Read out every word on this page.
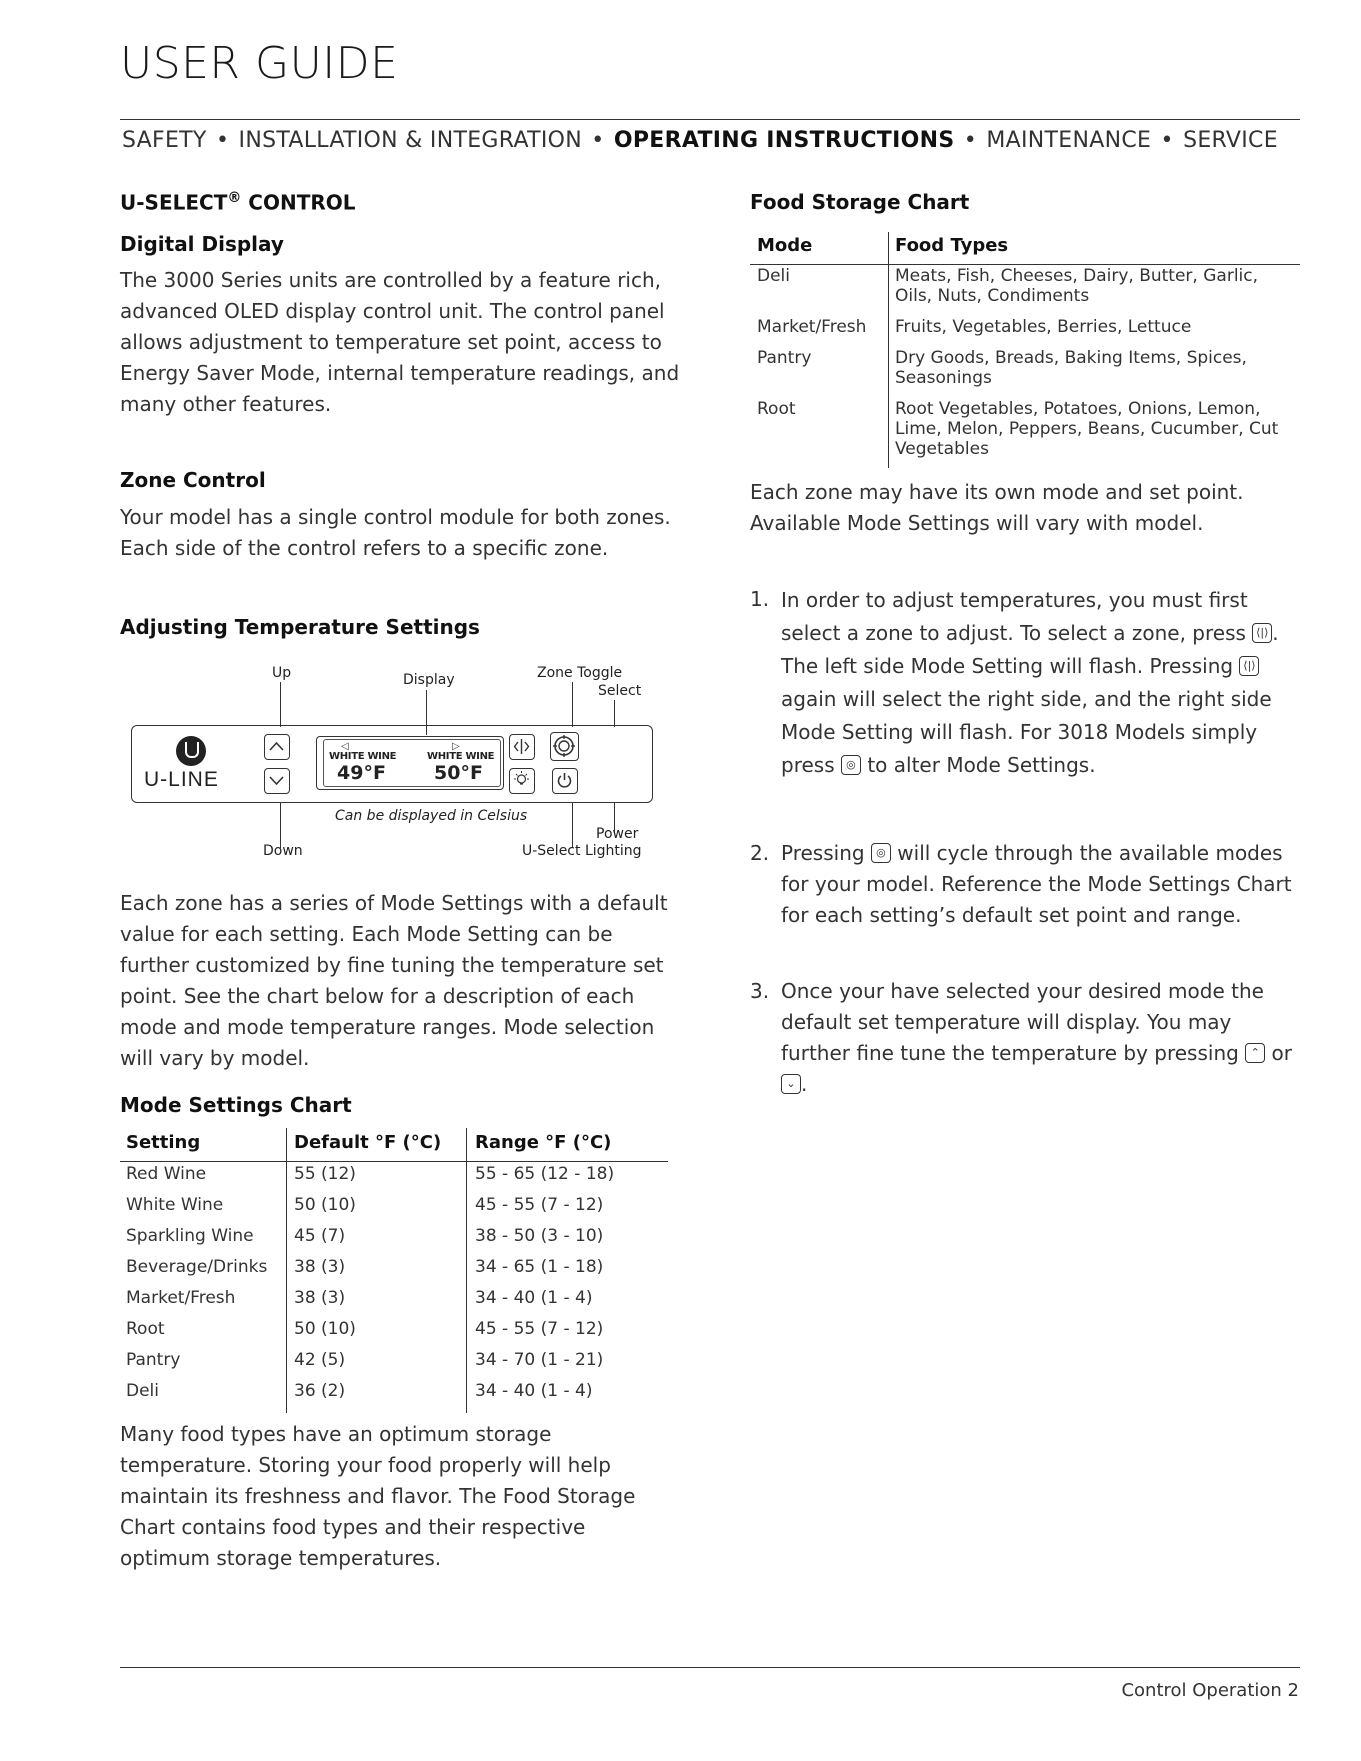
USER GUIDE
SAFETY • INSTALLATION & INTEGRATION • OPERATING INSTRUCTIONS • MAINTENANCE • SERVICE
U-SELECT® CONTROL
Digital Display
The 3000 Series units are controlled by a feature rich, advanced OLED display control unit. The control panel allows adjustment to temperature set point, access to Energy Saver Mode, internal temperature readings, and many other features.
Zone Control
Your model has a single control module for both zones. Each side of the control refers to a specific zone.
Adjusting Temperature Settings
Up	Display	Zone Toggle
Select
U-LINE
◁	▷
WHITE WINE	WHITE WINE
49°F	50°F
Can be displayed in Celsius
Down
Power
U-Select Lighting
Each zone has a series of Mode Settings with a default value for each setting. Each Mode Setting can be further customized by fine tuning the temperature set point. See the chart below for a description of each mode and mode temperature ranges. Mode selection will vary by model.
Mode Settings Chart
Setting	Default °F (°C) Range °F (°C)
Red Wine	55 (12)	55 - 65 (12 - 18)
White Wine	50 (10)	45 - 55 (7 - 12)
Sparkling Wine 45 (7)	38 - 50 (3 - 10)
Beverage/Drinks 38 (3)	34 - 65 (1 - 18)
Market/Fresh	38 (3)	34 - 40 (1 - 4)
Root	50 (10)	45 - 55 (7 - 12)
Pantry	42 (5)	34 - 70 (1 - 21)
Deli	36 (2)	34 - 40 (1 - 4)
Many food types have an optimum storage temperature. Storing your food properly will help maintain its freshness and flavor. The Food Storage Chart contains food types and their respective optimum storage temperatures.
Food Storage Chart
Mode	Food Types
Deli	Meats, Fish, Cheeses, Dairy, Butter, Garlic, Oils, Nuts, Condiments
Market/Fresh Fruits, Vegetables, Berries, Lettuce
Pantry	Dry Goods, Breads, Baking Items, Spices, Seasonings
Root	Root Vegetables, Potatoes, Onions, Lemon, Lime, Melon, Peppers, Beans, Cucumber, Cut Vegetables
Each zone may have its own mode and set point.
Available Mode Settings will vary with model.
1. In order to adjust temperatures, you must first select a zone to adjust. To select a zone, press ⟨|⟩ . The left side Mode Setting will flash. Pressing ⟨|⟩ again will select the right side, and the right side Mode Setting will flash. For 3018 Models simply press ◎ to alter Mode Settings.
2. Pressing ◎ will cycle through the available modes for your model. Reference the Mode Settings Chart for each setting’s default set point and range.
3. Once your have selected your desired mode the default set temperature will display. You may further fine tune the temperature by pressing ⌃ or ⌄ .
Control Operation 2
